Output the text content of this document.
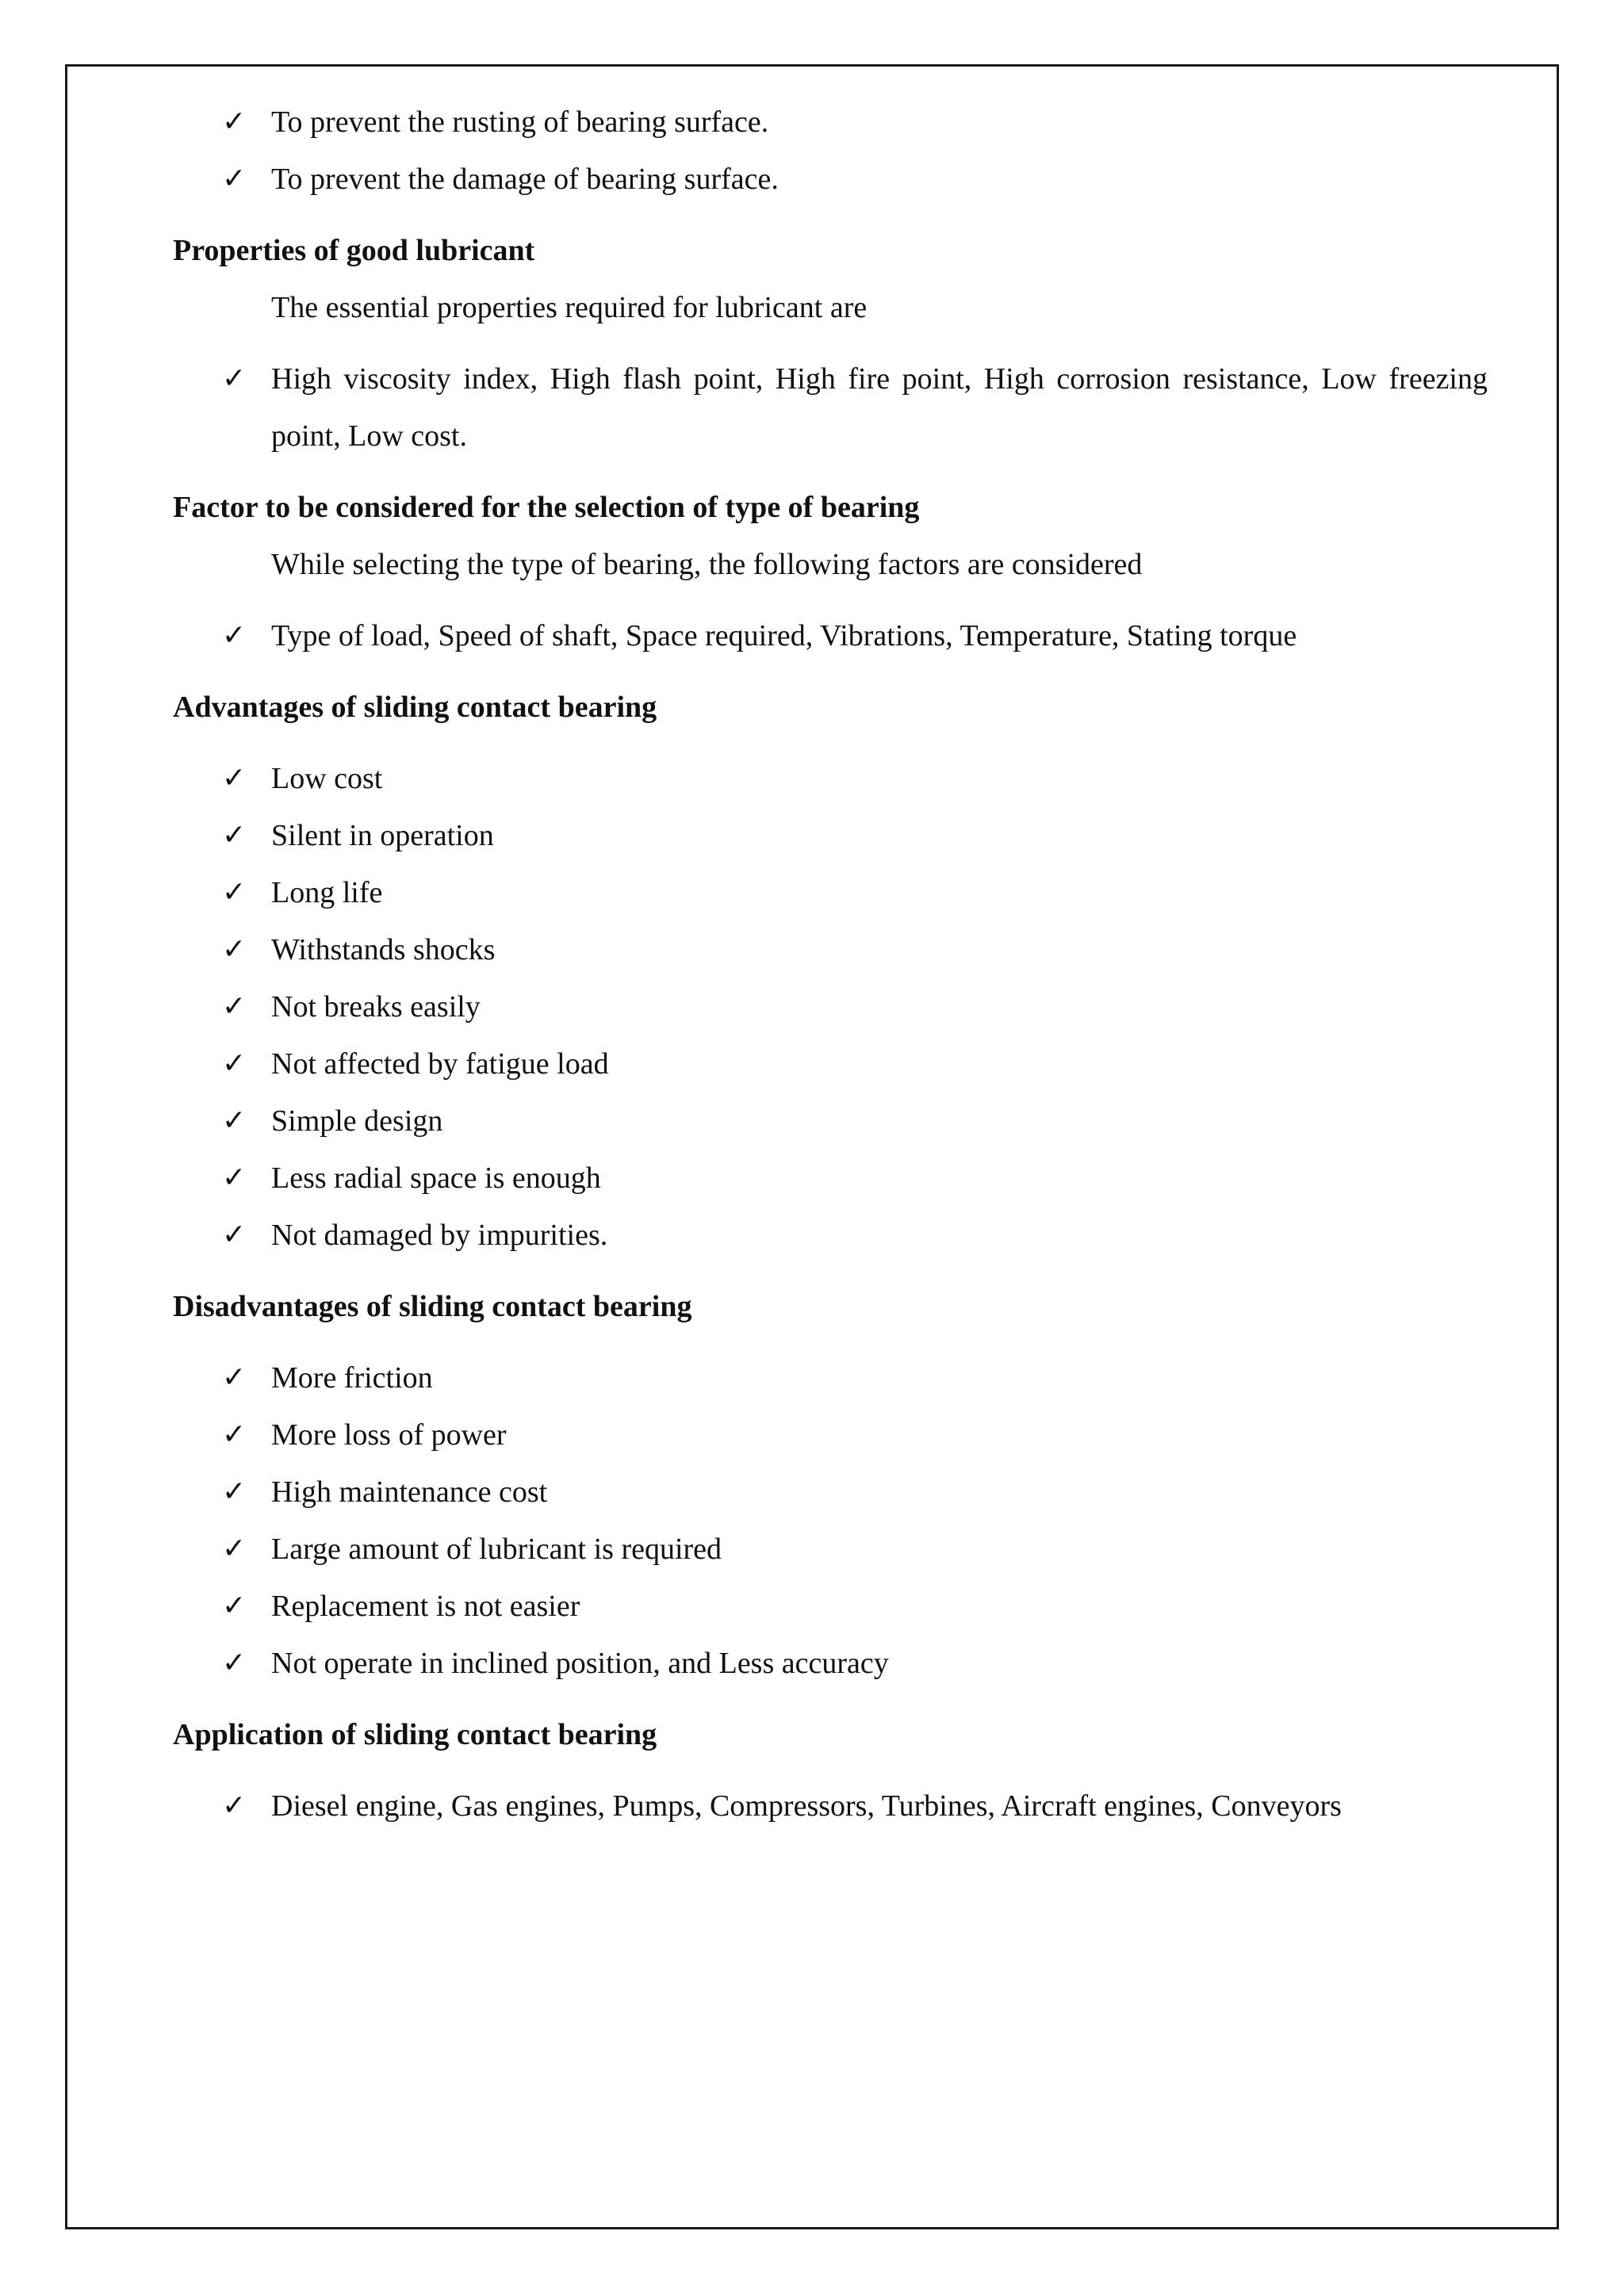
✓ To prevent the rusting of bearing surface.
✓ To prevent the damage of bearing surface.
Properties of good lubricant
The essential properties required for lubricant are
✓ High viscosity index, High flash point, High fire point, High corrosion resistance, Low freezing point, Low cost.
Factor to be considered for the selection of type of bearing
While selecting the type of bearing, the following factors are considered
✓ Type of load, Speed of shaft, Space required, Vibrations, Temperature, Stating torque
Advantages of sliding contact bearing
✓ Low cost
✓ Silent in operation
✓ Long life
✓ Withstands shocks
✓ Not breaks easily
✓ Not affected by fatigue load
✓ Simple design
✓ Less radial space is enough
✓ Not damaged by impurities.
Disadvantages of sliding contact bearing
✓ More friction
✓ More loss of power
✓ High maintenance cost
✓ Large amount of lubricant is required
✓ Replacement is not easier
✓ Not operate in inclined position, and Less accuracy
Application of sliding contact bearing
✓ Diesel engine, Gas engines, Pumps, Compressors, Turbines, Aircraft engines, Conveyors
